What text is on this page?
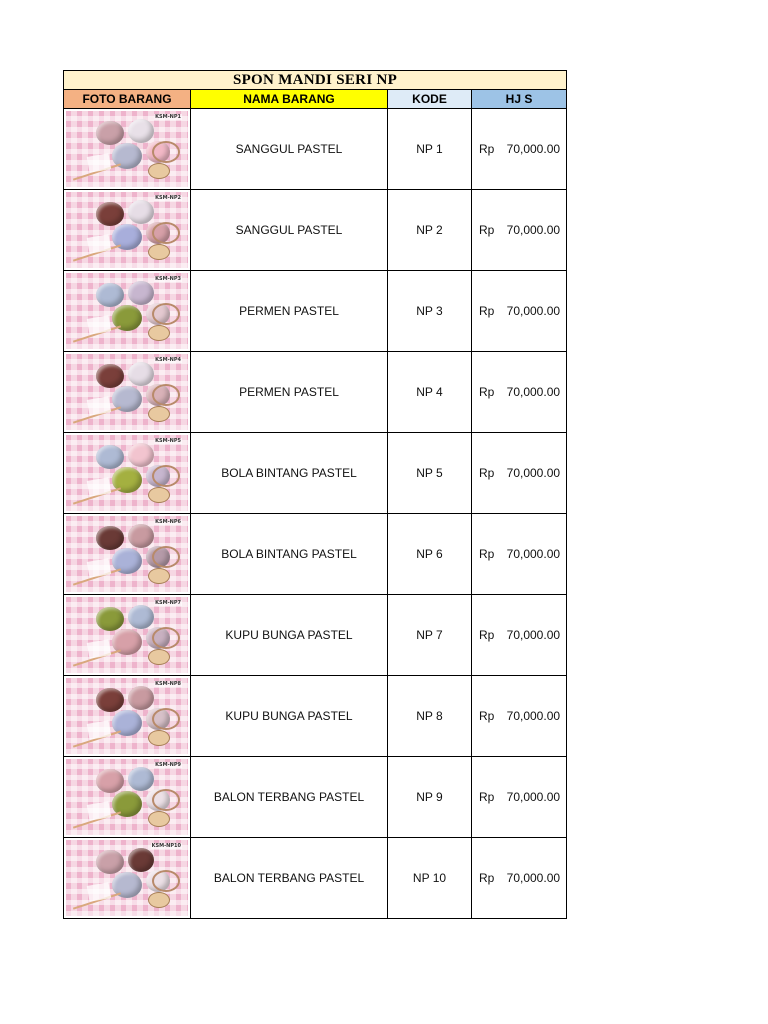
SPON MANDI SERI NP			
FOTO BARANG	NAMA BARANG	KODE	HJ S

KSM-NP1	SANGGUL PASTEL	NP 1	Rp 70,000.00

KSM-NP2	SANGGUL PASTEL	NP 2	Rp 70,000.00

KSM-NP3	PERMEN PASTEL	NP 3	Rp 70,000.00

KSM-NP4	PERMEN PASTEL	NP 4	Rp 70,000.00

KSM-NP5	BOLA BINTANG PASTEL	NP 5	Rp 70,000.00

KSM-NP6	BOLA BINTANG PASTEL	NP 6	Rp 70,000.00

KSM-NP7	KUPU BUNGA PASTEL	NP 7	Rp 70,000.00

KSM-NP8	KUPU BUNGA PASTEL	NP 8	Rp 70,000.00

KSM-NP9	BALON TERBANG PASTEL	NP 9	Rp 70,000.00

KSM-NP10	BALON TERBANG PASTEL	NP 10	Rp 70,000.00
